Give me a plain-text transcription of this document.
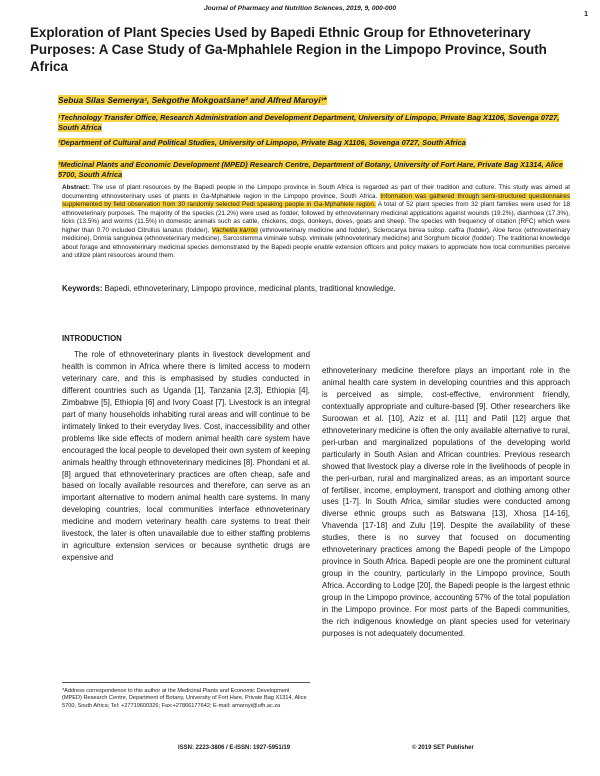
Journal of Pharmacy and Nutrition Sciences, 2019, 9, 000-000
1
Exploration of Plant Species Used by Bapedi Ethnic Group for Ethnoveterinary Purposes: A Case Study of Ga-Mphahlele Region in the Limpopo Province, South Africa
Sebua Silas Semenya¹, Sekgothe Mokgoatšane² and Alfred Maroyi³*
¹Technology Transfer Office, Research Administration and Development Department, University of Limpopo, Private Bag X1106, Sovenga 0727, South Africa
²Department of Cultural and Political Studies, University of Limpopo, Private Bag X1106, Sovenga 0727, South Africa
³Medicinal Plants and Economic Development (MPED) Research Centre, Department of Botany, University of Fort Hare, Private Bag X1314, Alice 5700, South Africa
Abstract: The use of plant resources by the Bapedi people in the Limpopo province in South Africa is regarded as part of their tradition and culture. This study was aimed at documenting ethnoveterinary uses of plants in Ga-Mphahlele region in the Limpopo province, South Africa. Information was gathered through semi-structured questionnaires supplemented by field observation from 30 randomly selected Pedi speaking people in Ga-Mphahlele region. A total of 52 plant species from 32 plant families were used for 18 ethnoveterinary purposes. The majority of the species (21.2%) were used as fodder, followed by ethnoveterinary medicinal applications against wounds (19.2%), diarrhoea (17.3%), ticks (13.5%) and worms (11.5%) in domestic animals such as cattle, chickens, dogs, donkeys, doves, goats and sheep. The species with frequency of citation (RFC) which were higher than 0.70 included Citrullus lanatus (fodder), Vachellia karroo (ethnoveterinary medicine and fodder), Sclerocarya birrea subsp. caffra (fodder), Aloe ferox (ethnoveterinary medicine), Drimia sanguinea (ethnoveterinary medicine), Sarcostemma viminale subsp. viminale (ethnoveterinary medicine) and Sorghum bicolor (fodder). The traditional knowledge about forage and ethnoveterinary medicinal species demonstrated by the Bapedi people enable extension officers and policy makers to appreciate how local communities perceive and utilize plant resources around them.
Keywords: Bapedi, ethnoveterinary, Limpopo province, medicinal plants, traditional knowledge.
INTRODUCTION

The role of ethnoveterinary plants in livestock development and health is common in Africa where there is limited access to modern veterinary care, and this is emphasised by studies conducted in different countries such as Uganda [1], Tanzania [2,3], Ethiopia [4], Zimbabwe [5], Ethiopia [6] and Ivory Coast [7]. Livestock is an integral part of many households inhabiting rural areas and will continue to be intimately linked to their everyday lives. Cost, inaccessibility and other problems like side effects of modern animal health care system have encouraged the local people to developed their own system of keeping animals healthy through ethnoveterinary medicines [8]. Phondani et al. [8] argued that ethnoveterinary practices are often cheap, safe and based on locally available resources and therefore, can serve as an important alternative to modern animal health care systems. In many developing countries, local communities interface ethnoveterinary medicine and modern veterinary health care systems to treat their livestock, the later is often unavailable due to either staffing problems in agriculture extension services or because synthetic drugs are expensive and

ethnoveterinary medicine therefore plays an important role in the animal health care system in developing countries and this approach is perceived as simple, cost-effective, environment friendly, contextually appropriate and culture-based [9]. Other researchers like Suroowan et al. [10], Aziz et al. [11] and Patil [12] argue that ethnoveterinary medicine is often the only available alternative to rural, peri-urban and marginalized populations of the developing world particularly in South Asian and African countries. Previous research showed that livestock play a diverse role in the livelihoods of people in the peri-urban, rural and marginalized areas, as an important source of fertiliser, income, employment, transport and clothing among other uses [1-7]. In South Africa, similar studies were conducted among diverse ethnic groups such as Batswana [13], Xhosa [14-16], Vhavenda [17-18] and Zulu [19]. Despite the availability of these studies, there is no survey that focused on documenting ethnoveterinary practices among the Bapedi people of the Limpopo province in South Africa. Bapedi people are one the prominent cultural group in the country, particularly in the Limpopo province, South Africa. According to Lodge [20], the Bapedi people is the largest ethnic group in the Limpopo province, accounting 57% of the total population in the Limpopo province. For most parts of the Bapedi communities, the rich indigenous knowledge on plant species used for veterinary purposes is not adequately documented.

*Address correspondence to this author at the Medicinal Plants and Economic Development (MPED) Research Centre, Department of Botany, University of Fort Hare, Private Bag X1314, Alice 5700, South Africa; Tel: +27719600326; Fax:+27866177642; E-mail: amaroyi@ufh.ac.za
ISSN: 2223-3806 / E-ISSN: 1927-5951/19	© 2019 SET Publisher
